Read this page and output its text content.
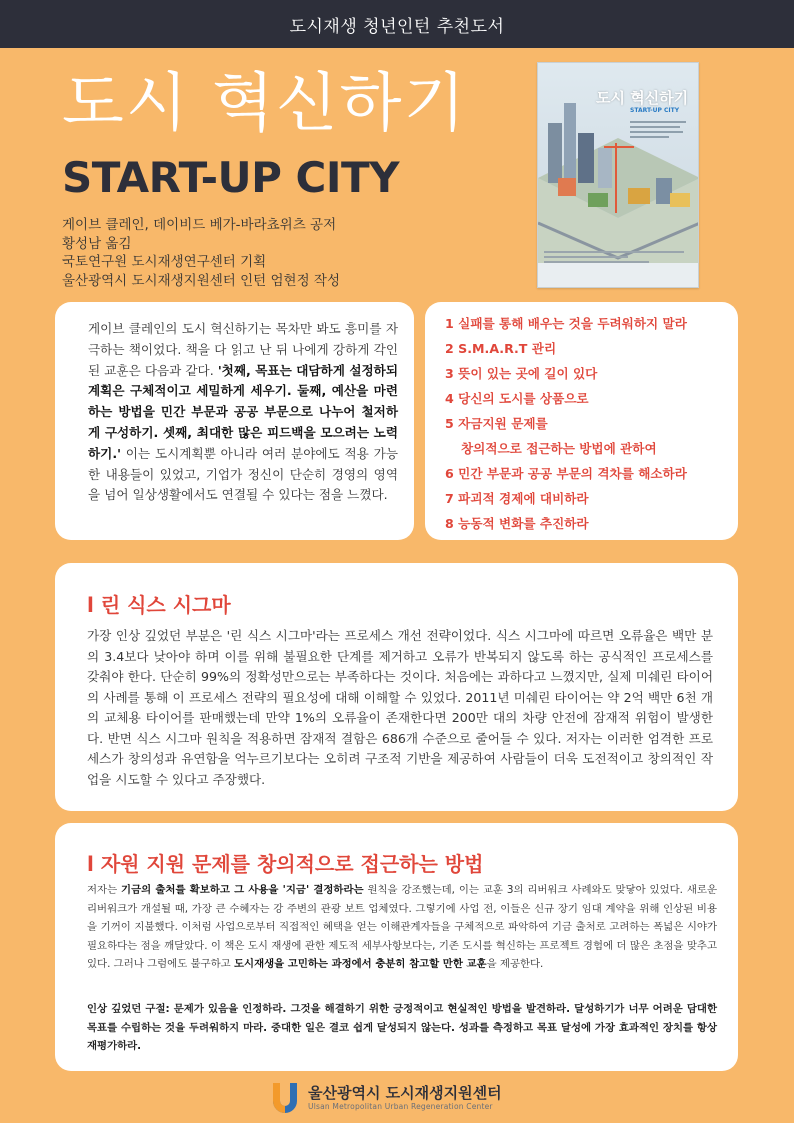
도시재생 청년인턴 추천도서
도시 혁신하기
START-UP CITY
게이브 클레인, 데이비드 베가-바라쵸위츠 공저
황성남 옮김
국토연구원 도시재생연구센터 기획
울산광역시 도시재생지원센터 인턴 엄현정 작성
도시 혁신하기
START-UP CITY

게이브 클레인의 도시 혁신하기는 목차만 봐도 흥미를 자극하는 책이었다. 책을 다 읽고 난 뒤 나에게 강하게 각인된 교훈은 다음과 같다. '첫째, 목표는 대담하게 설정하되 계획은 구체적이고 세밀하게 세우기. 둘째, 예산을 마련하는 방법을 민간 부문과 공공 부문으로 나누어 철저하게 구성하기. 셋째, 최대한 많은 피드백을 모으려는 노력하기.' 이는 도시계획뿐 아니라 여러 분야에도 적용 가능한 내용들이 있었고, 기업가 정신이 단순히 경영의 영역을 넘어 일상생활에서도 연결될 수 있다는 점을 느꼈다.

1 실패를 통해 배우는 것을 두려워하지 말라
2 S.M.A.R.T 관리
3 뜻이 있는 곳에 길이 있다
4 당신의 도시를 상품으로
5 자금지원 문제를
창의적으로 접근하는 방법에 관하여
6 민간 부문과 공공 부문의 격차를 해소하라
7 파괴적 경제에 대비하라
8 능동적 변화를 추진하라
l 린 식스 시그마

가장 인상 깊었던 부분은 '린 식스 시그마'라는 프로세스 개선 전략이었다. 식스 시그마에 따르면 오류율은 백만 분의 3.4보다 낮아야 하며 이를 위해 불필요한 단계를 제거하고 오류가 반복되지 않도록 하는 공식적인 프로세스를 갖춰야 한다. 단순히 99%의 정확성만으로는 부족하다는 것이다. 처음에는 과하다고 느꼈지만, 실제 미쉐린 타이어의 사례를 통해 이 프로세스 전략의 필요성에 대해 이해할 수 있었다. 2011년 미쉐린 타이어는 약 2억 백만 6천 개의 교체용 타이어를 판매했는데 만약 1%의 오류율이 존재한다면 200만 대의 차량 안전에 잠재적 위험이 발생한다. 반면 식스 시그마 원칙을 적용하면 잠재적 결함은 686개 수준으로 줄어들 수 있다. 저자는 이러한 엄격한 프로세스가 창의성과 유연함을 억누르기보다는 오히려 구조적 기반을 제공하여 사람들이 더욱 도전적이고 창의적인 작업을 시도할 수 있다고 주장했다.

l 자원 지원 문제를 창의적으로 접근하는 방법

저자는 기금의 출처를 확보하고 그 사용을 '지금' 결정하라는 원칙을 강조했는데, 이는 교훈 3의 리버워크 사례와도 맞닿아 있었다. 새로운 리버워크가 개설될 때, 가장 큰 수혜자는 강 주변의 관광 보트 업체였다. 그렇기에 사업 전, 이들은 신규 장기 임대 계약을 위해 인상된 비용을 기꺼이 지불했다. 이처럼 사업으로부터 직접적인 혜택을 얻는 이해관계자들을 구체적으로 파악하여 기금 출처로 고려하는 폭넓은 시야가 필요하다는 점을 깨달았다. 이 책은 도시 재생에 관한 제도적 세부사항보다는, 기존 도시를 혁신하는 프로젝트 경험에 더 많은 초점을 맞추고 있다. 그러나 그럼에도 불구하고 도시재생을 고민하는 과정에서 충분히 참고할 만한 교훈을 제공한다.

인상 깊었던 구절: 문제가 있음을 인정하라. 그것을 해결하기 위한 긍정적이고 현실적인 방법을 발견하라. 달성하기가 너무 어려운 담대한 목표를 수립하는 것을 두려워하지 마라. 중대한 일은 결코 쉽게 달성되지 않는다. 성과를 측정하고 목표 달성에 가장 효과적인 장치를 항상 재평가하라.

울산광역시 도시재생지원센터
Ulsan Metropolitan Urban Regeneration Center
